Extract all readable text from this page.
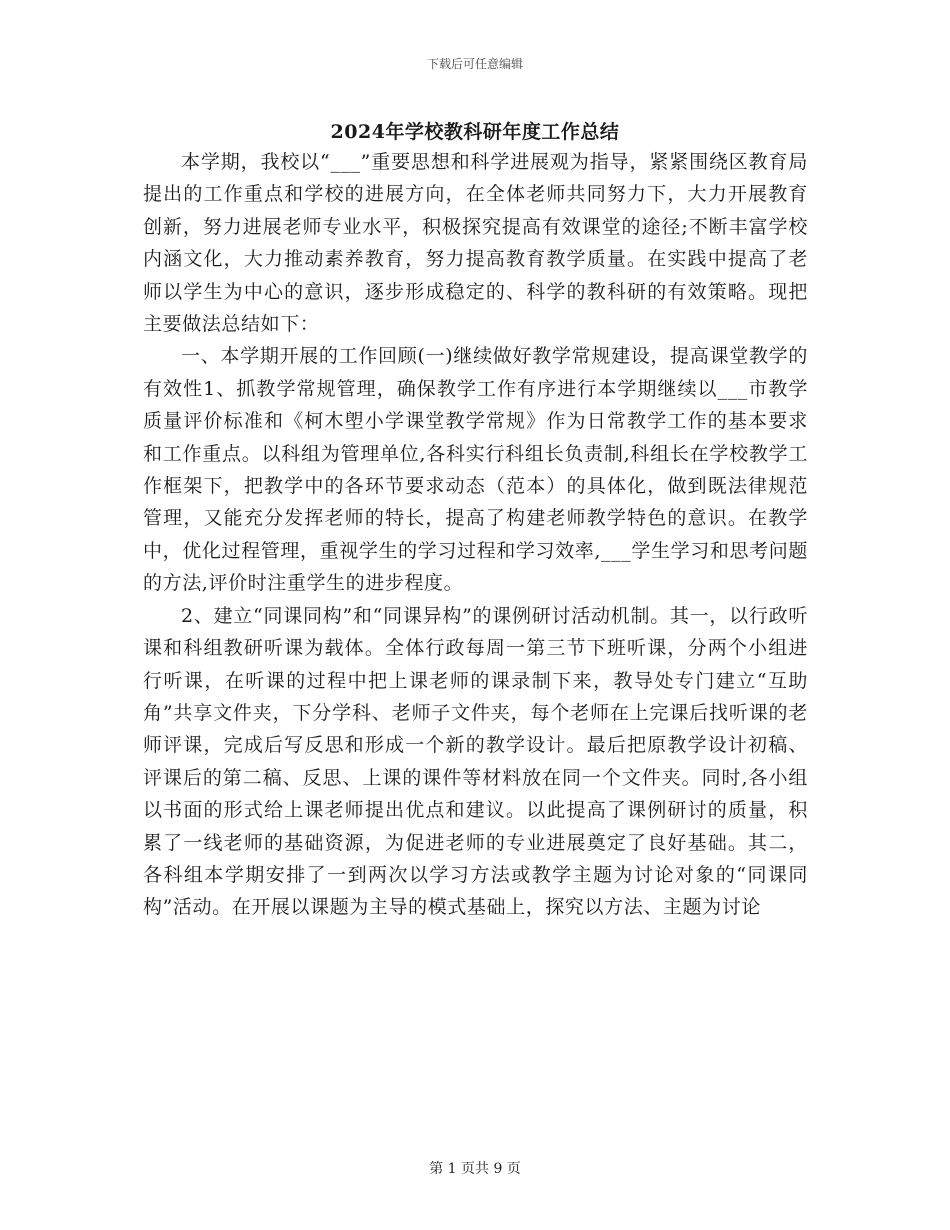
下载后可任意编辑
2024年学校教科研年度工作总结

本学期，我校以“___”重要思想和科学进展观为指导，紧紧围绕区教育局提出的工作重点和学校的进展方向，在全体老师共同努力下，大力开展教育创新，努力进展老师专业水平，积极探究提高有效课堂的途径;不断丰富学校内涵文化，大力推动素养教育，努力提高教育教学质量。在实践中提高了老师以学生为中心的意识，逐步形成稳定的、科学的教科研的有效策略。现把主要做法总结如下：

一、本学期开展的工作回顾(一)继续做好教学常规建设，提高课堂教学的有效性1、抓教学常规管理，确保教学工作有序进行本学期继续以___市教学质量评价标准和《柯木塱小学课堂教学常规》作为日常教学工作的基本要求和工作重点。以科组为管理单位,各科实行科组长负责制,科组长在学校教学工作框架下，把教学中的各环节要求动态（范本）的具体化，做到既法律规范管理，又能充分发挥老师的特长，提高了构建老师教学特色的意识。在教学中，优化过程管理，重视学生的学习过程和学习效率,___学生学习和思考问题的方法,评价时注重学生的进步程度。

2、建立“同课同构”和“同课异构”的课例研讨活动机制。其一，以行政听课和科组教研听课为载体。全体行政每周一第三节下班听课，分两个小组进行听课，在听课的过程中把上课老师的课录制下来，教导处专门建立“互助角”共享文件夹，下分学科、老师子文件夹，每个老师在上完课后找听课的老师评课，完成后写反思和形成一个新的教学设计。最后把原教学设计初稿、评课后的第二稿、反思、上课的课件等材料放在同一个文件夹。同时,各小组以书面的形式给上课老师提出优点和建议。以此提高了课例研讨的质量，积累了一线老师的基础资源，为促进老师的专业进展奠定了良好基础。其二，各科组本学期安排了一到两次以学习方法或教学主题为讨论对象的“同课同构”活动。在开展以课题为主导的模式基础上，探究以方法、主题为讨论

第 1 页共 9 页
